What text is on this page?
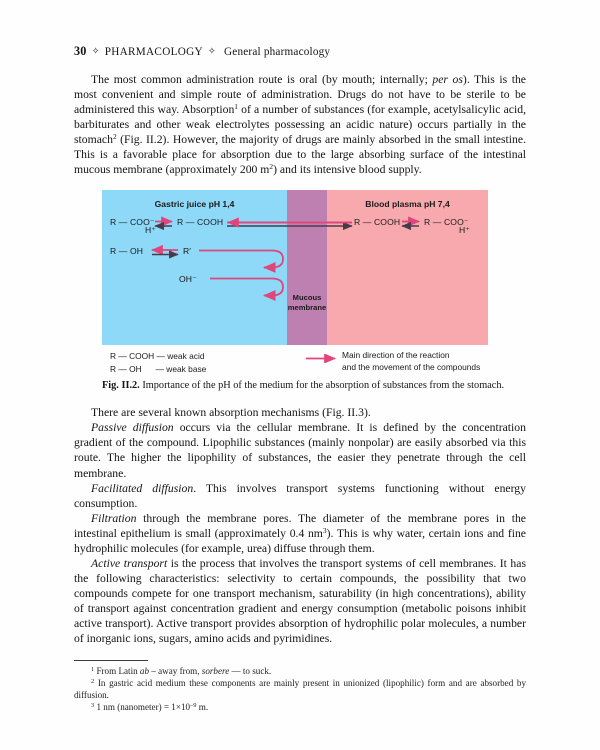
30 ✧ PHARMACOLOGY ✧ General pharmacology

The most common administration route is oral (by mouth; internally; per os). This is the most convenient and simple route of administration. Drugs do not have to be sterile to be administered this way. Absorption$^1$ of a number of substances (for example, acetylsalicylic acid, barbiturates and other weak electrolytes possessing an acidic nature) occurs partially in the stomach$^2$ (Fig. II.2). However, the majority of drugs are mainly absorbed in the small intestine. This is a favorable place for absorption due to the large absorbing surface of the intestinal mucous membrane (approximately 200 $m^2$) and its intensive blood supply.

Gastric juice pH 1,4	Blood plasma pH 7,4
Mucous
membrane
R — COO⁻
H⁺
R — COOH
R — OH	R′
OH⁻
R — COOH	R — COO⁻
H⁺
R — COOH — weak acid
R — OH      — weak base
Main direction of the reaction
and the movement of the compounds
Fig. II.2. Importance of the pH of the medium for the absorption of substances from the stomach.

There are several known absorption mechanisms (Fig. II.3).

Passive diffusion occurs via the cellular membrane. It is defined by the concentration gradient of the compound. Lipophilic substances (mainly nonpolar) are easily absorbed via this route. The higher the lipophility of substances, the easier they penetrate through the cell membrane.

Facilitated diffusion. This involves transport systems functioning without energy consumption.

Filtration through the membrane pores. The diameter of the membrane pores in the intestinal epithelium is small (approximately 0.4 $nm^3$). This is why water, certain ions and fine hydrophilic molecules (for example, urea) diffuse through them.

Active transport is the process that involves the transport systems of cell membranes. It has the following characteristics: selectivity to certain compounds, the possibility that two compounds compete for one transport mechanism, saturability (in high concentrations), ability of transport against concentration gradient and energy consumption (metabolic poisons inhibit active transport). Active transport provides absorption of hydrophilic polar molecules, a number of inorganic ions, sugars, amino acids and pyrimidines.

$^1$ From Latin ab – away from, sorbere — to suck.

$^2$ In gastric acid medium these components are mainly present in unionized (lipophilic) form and are absorbed by diffusion.

$^3$ 1 nm (nanometer) = $1\times 10^{-9}$ m.
